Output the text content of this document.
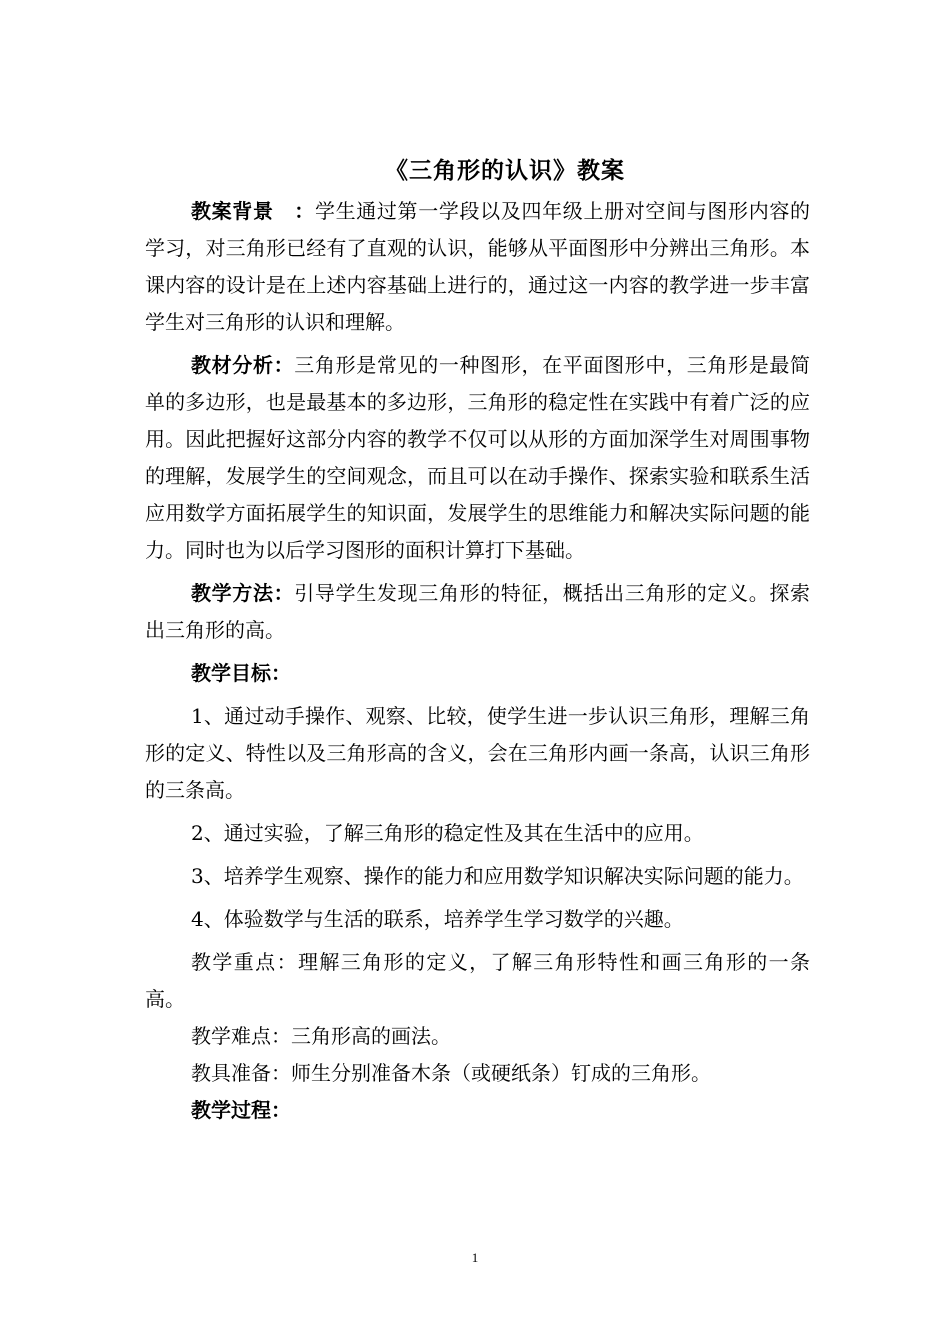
《三角形的认识》教案

教案背景　：学生通过第一学段以及四年级上册对空间与图形内容的学习，对三角形已经有了直观的认识，能够从平面图形中分辨出三角形。本课内容的设计是在上述内容基础上进行的，通过这一内容的教学进一步丰富学生对三角形的认识和理解。

教材分析：三角形是常见的一种图形，在平面图形中，三角形是最简单的多边形，也是最基本的多边形，三角形的稳定性在实践中有着广泛的应用。因此把握好这部分内容的教学不仅可以从形的方面加深学生对周围事物的理解，发展学生的空间观念，而且可以在动手操作、探索实验和联系生活应用数学方面拓展学生的知识面，发展学生的思维能力和解决实际问题的能力。同时也为以后学习图形的面积计算打下基础。

教学方法：引导学生发现三角形的特征，概括出三角形的定义。探索出三角形的高。

教学目标：

1、通过动手操作、观察、比较，使学生进一步认识三角形，理解三角形的定义、特性以及三角形高的含义，会在三角形内画一条高，认识三角形的三条高。

2、通过实验，了解三角形的稳定性及其在生活中的应用。

3、培养学生观察、操作的能力和应用数学知识解决实际问题的能力。

4、体验数学与生活的联系，培养学生学习数学的兴趣。

教学重点：理解三角形的定义，了解三角形特性和画三角形的一条高。

教学难点：三角形高的画法。

教具准备：师生分别准备木条（或硬纸条）钉成的三角形。

教学过程：

1
